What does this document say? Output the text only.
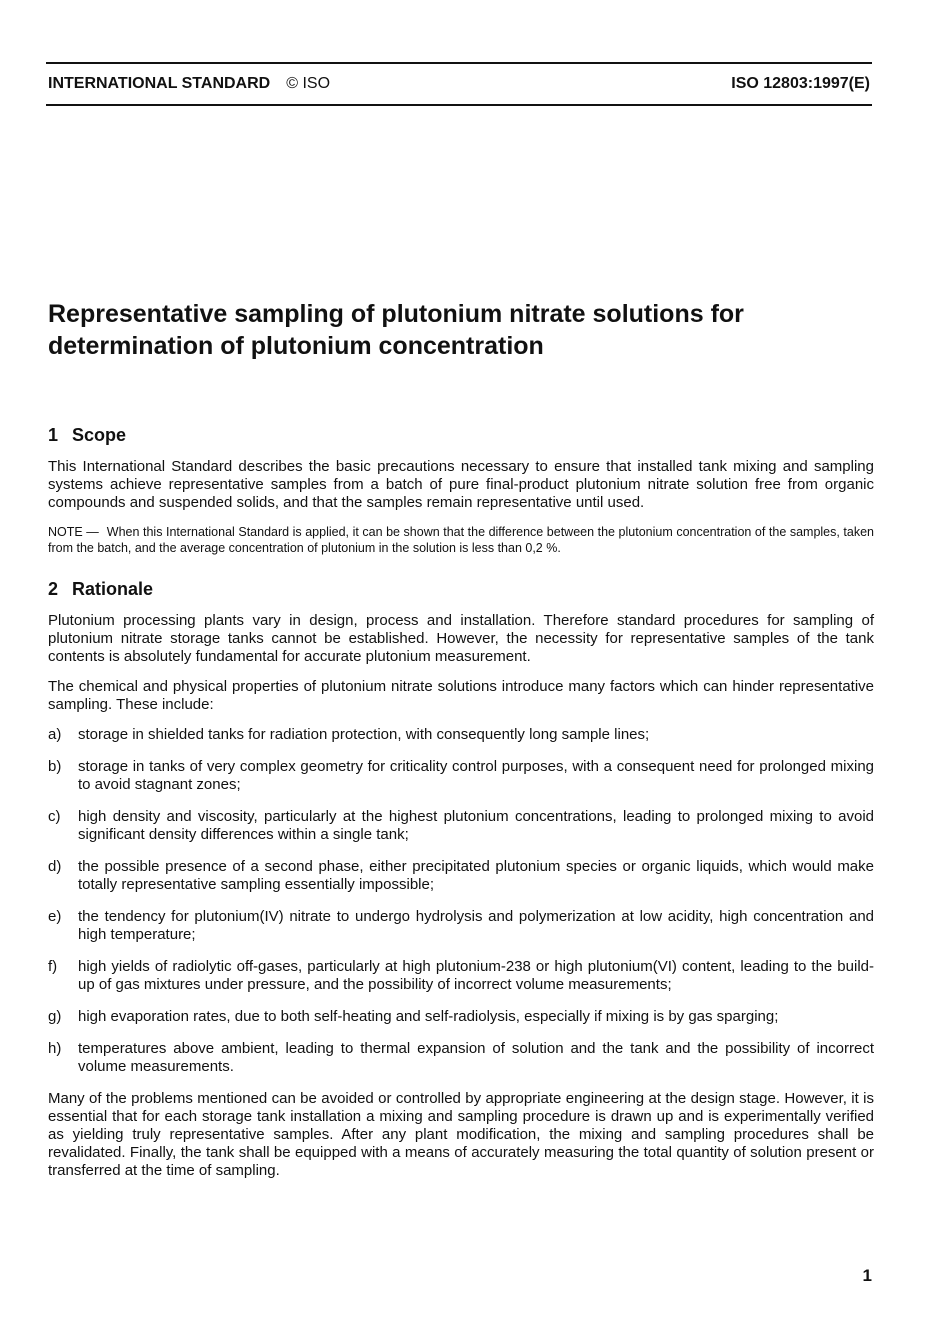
INTERNATIONAL STANDARD © ISO	ISO 12803:1997(E)
Representative sampling of plutonium nitrate solutions for
determination of plutonium concentration
1 Scope

This International Standard describes the basic precautions necessary to ensure that installed tank mixing and sampling systems achieve representative samples from a batch of pure final-product plutonium nitrate solution free from organic compounds and suspended solids, and that the samples remain representative until used.

NOTE — When this International Standard is applied, it can be shown that the difference between the plutonium concentration of the samples, taken from the batch, and the average concentration of plutonium in the solution is less than 0,2 %.

2 Rationale

Plutonium processing plants vary in design, process and installation. Therefore standard procedures for sampling of plutonium nitrate storage tanks cannot be established. However, the necessity for representative samples of the tank contents is absolutely fundamental for accurate plutonium measurement.

The chemical and physical properties of plutonium nitrate solutions introduce many factors which can hinder representative sampling. These include:

a)	storage in shielded tanks for radiation protection, with consequently long sample lines;
b)	storage in tanks of very complex geometry for criticality control purposes, with a consequent need for prolonged mixing to avoid stagnant zones;
c)	high density and viscosity, particularly at the highest plutonium concentrations, leading to prolonged mixing to avoid significant density differences within a single tank;
d)	the possible presence of a second phase, either precipitated plutonium species or organic liquids, which would make totally representative sampling essentially impossible;
e)	the tendency for plutonium(IV) nitrate to undergo hydrolysis and polymerization at low acidity, high concentration and high temperature;
f)	high yields of radiolytic off-gases, particularly at high plutonium-238 or high plutonium(VI) content, leading to the build-up of gas mixtures under pressure, and the possibility of incorrect volume measurements;
g)	high evaporation rates, due to both self-heating and self-radiolysis, especially if mixing is by gas sparging;
h)	temperatures above ambient, leading to thermal expansion of solution and the tank and the possibility of incorrect volume measurements.

Many of the problems mentioned can be avoided or controlled by appropriate engineering at the design stage. However, it is essential that for each storage tank installation a mixing and sampling procedure is drawn up and is experimentally verified as yielding truly representative samples. After any plant modification, the mixing and sampling procedures shall be revalidated. Finally, the tank shall be equipped with a means of accurately measuring the total quantity of solution present or transferred at the time of sampling.

1
